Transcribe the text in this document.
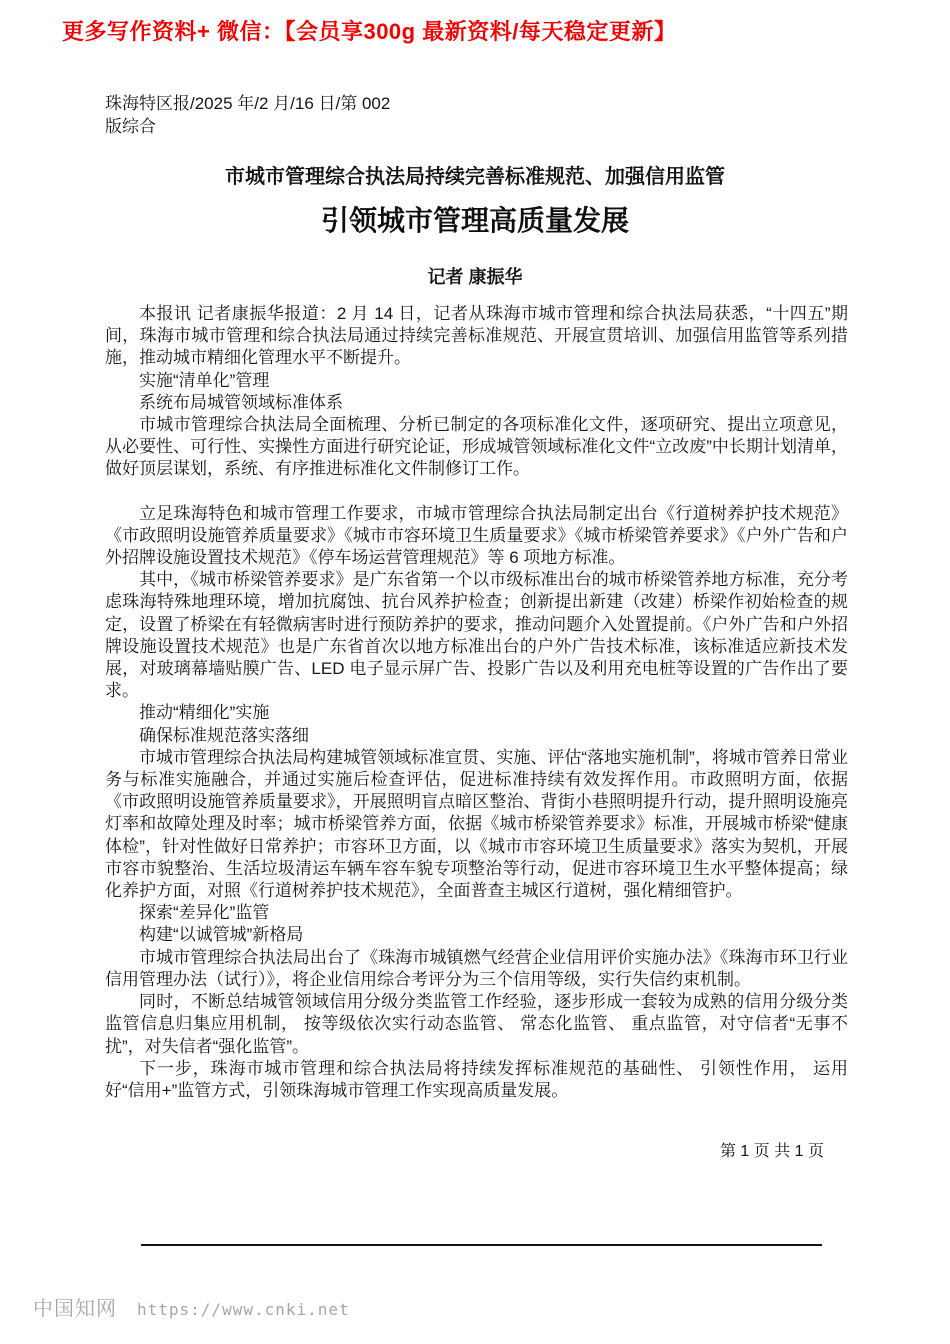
更多写作资料+ 微信：【会员享300g 最新资料/每天稳定更新】
珠海特区报/2025 年/2 月/16 日/第 002
版综合
市城市管理综合执法局持续完善标准规范、加强信用监管
引领城市管理高质量发展
记者 康振华

本报讯 记者康振华报道：2 月 14 日，记者从珠海市城市管理和综合执法局获悉，“十四五”期间，珠海市城市管理和综合执法局通过持续完善标准规范、开展宣贯培训、加强信用监管等系列措施，推动城市精细化管理水平不断提升。

实施“清单化”管理

系统布局城管领域标准体系

市城市管理综合执法局全面梳理、分析已制定的各项标准化文件，逐项研究、提出立项意见，从必要性、可行性、实操性方面进行研究论证，形成城管领域标准化文件“立改废”中长期计划清单，做好顶层谋划，系统、有序推进标准化文件制修订工作。

立足珠海特色和城市管理工作要求，市城市管理综合执法局制定出台《行道树养护技术规范》《市政照明设施管养质量要求》《城市市容环境卫生质量要求》《城市桥梁管养要求》《户外广告和户外招牌设施设置技术规范》《停车场运营管理规范》等 6 项地方标准。

其中，《城市桥梁管养要求》是广东省第一个以市级标准出台的城市桥梁管养地方标准，充分考虑珠海特殊地理环境，增加抗腐蚀、抗台风养护检查；创新提出新建（改建）桥梁作初始检查的规定，设置了桥梁在有轻微病害时进行预防养护的要求，推动问题介入处置提前。《户外广告和户外招牌设施设置技术规范》也是广东省首次以地方标准出台的户外广告技术标准，该标准适应新技术发展，对玻璃幕墙贴膜广告、LED 电子显示屏广告、投影广告以及利用充电桩等设置的广告作出了要求。

推动“精细化”实施

确保标准规范落实落细

市城市管理综合执法局构建城管领域标准宣贯、实施、评估“落地实施机制”，将城市管养日常业务与标准实施融合，并通过实施后检查评估，促进标准持续有效发挥作用。市政照明方面，依据《市政照明设施管养质量要求》，开展照明盲点暗区整治、背街小巷照明提升行动，提升照明设施亮灯率和故障处理及时率；城市桥梁管养方面，依据《城市桥梁管养要求》标准，开展城市桥梁“健康体检”，针对性做好日常养护；市容环卫方面，以《城市市容环境卫生质量要求》落实为契机，开展市容市貌整治、生活垃圾清运车辆车容车貌专项整治等行动，促进市容环境卫生水平整体提高；绿化养护方面，对照《行道树养护技术规范》，全面普查主城区行道树，强化精细管护。

探索“差异化”监管

构建“以诚管城”新格局

市城市管理综合执法局出台了《珠海市城镇燃气经营企业信用评价实施办法》《珠海市环卫行业信用管理办法（试行）》，将企业信用综合考评分为三个信用等级，实行失信约束机制。

同时，不断总结城管领域信用分级分类监管工作经验，逐步形成一套较为成熟的信用分级分类监管信息归集应用机制， 按等级依次实行动态监管、 常态化监管、 重点监管，对守信者“无事不扰”，对失信者“强化监管”。

下一步，珠海市城市管理和综合执法局将持续发挥标准规范的基础性、 引领性作用， 运用好“信用+”监管方式，引领珠海城市管理工作实现高质量发展。

第 1 页 共 1 页
中国知网 https://www.cnki.net
